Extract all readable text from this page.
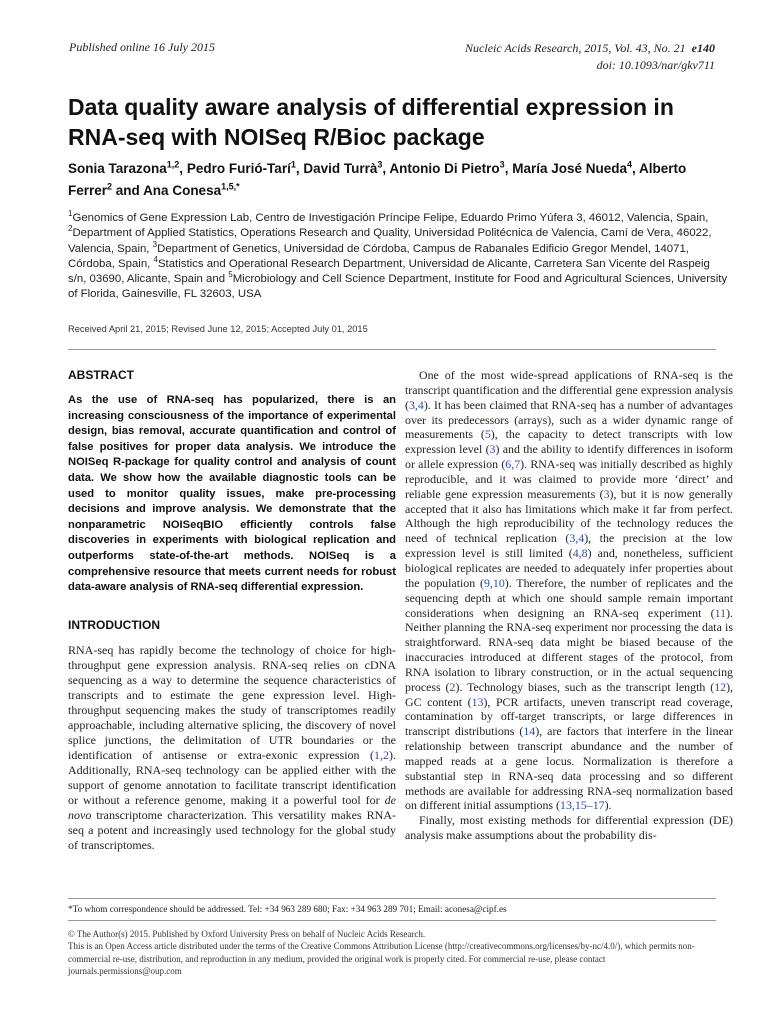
Published online 16 July 2015	Nucleic Acids Research, 2015, Vol. 43, No. 21 e140
doi: 10.1093/nar/gkv711
Data quality aware analysis of differential expression in RNA-seq with NOISeq R/Bioc package
Sonia Tarazona$^{1,2}$, Pedro Furió-Tarí$^1$, David Turrà$^3$, Antonio Di Pietro$^3$, María José Nueda$^4$, Alberto Ferrer$^2$ and Ana Conesa$^{1,5,*}$
$^1$Genomics of Gene Expression Lab, Centro de Investigación Príncipe Felipe, Eduardo Primo Yúfera 3, 46012, Valencia, Spain, $^2$Department of Applied Statistics, Operations Research and Quality, Universidad Politécnica de Valencia, Camí de Vera, 46022, Valencia, Spain, $^3$Department of Genetics, Universidad de Córdoba, Campus de Rabanales Edificio Gregor Mendel, 14071, Córdoba, Spain, $^4$Statistics and Operational Research Department, Universidad de Alicante, Carretera San Vicente del Raspeig s/n, 03690, Alicante, Spain and $^5$Microbiology and Cell Science Department, Institute for Food and Agricultural Sciences, University of Florida, Gainesville, FL 32603, USA
Received April 21, 2015; Revised June 12, 2015; Accepted July 01, 2015
ABSTRACT

As the use of RNA-seq has popularized, there is an increasing consciousness of the importance of experimental design, bias removal, accurate quantification and control of false positives for proper data analysis. We introduce the NOISeq R-package for quality control and analysis of count data. We show how the available diagnostic tools can be used to monitor quality issues, make pre-processing decisions and improve analysis. We demonstrate that the nonparametric NOISeqBIO efficiently controls false discoveries in experiments with biological replication and outperforms state-of-the-art methods. NOISeq is a comprehensive resource that meets current needs for robust data-aware analysis of RNA-seq differential expression.

INTRODUCTION

RNA-seq has rapidly become the technology of choice for high-throughput gene expression analysis. RNA-seq relies on cDNA sequencing as a way to determine the sequence characteristics of transcripts and to estimate the gene expression level. High-throughput sequencing makes the study of transcriptomes readily approachable, including alternative splicing, the discovery of novel splice junctions, the delimitation of UTR boundaries or the identification of antisense or extra-exonic expression (1,2). Additionally, RNA-seq technology can be applied either with the support of genome annotation to facilitate transcript identification or without a reference genome, making it a powerful tool for de novo transcriptome characterization. This versatility makes RNA-seq a potent and increasingly used technology for the global study of transcriptomes.

One of the most wide-spread applications of RNA-seq is the transcript quantification and the differential gene expression analysis (3,4). It has been claimed that RNA-seq has a number of advantages over its predecessors (arrays), such as a wider dynamic range of measurements (5), the capacity to detect transcripts with low expression level (3) and the ability to identify differences in isoform or allele expression (6,7). RNA-seq was initially described as highly reproducible, and it was claimed to provide more ‘direct’ and reliable gene expression measurements (3), but it is now generally accepted that it also has limitations which make it far from perfect. Although the high reproducibility of the technology reduces the need of technical replication (3,4), the precision at the low expression level is still limited (4,8) and, nonetheless, sufficient biological replicates are needed to adequately infer properties about the population (9,10). Therefore, the number of replicates and the sequencing depth at which one should sample remain important considerations when designing an RNA-seq experiment (11). Neither planning the RNA-seq experiment nor processing the data is straightforward. RNA-seq data might be biased because of the inaccuracies introduced at different stages of the protocol, from RNA isolation to library construction, or in the actual sequencing process (2). Technology biases, such as the transcript length (12), GC content (13), PCR artifacts, uneven transcript read coverage, contamination by off-target transcripts, or large differences in transcript distributions (14), are factors that interfere in the linear relationship between transcript abundance and the number of mapped reads at a gene locus. Normalization is therefore a substantial step in RNA-seq data processing and so different methods are available for addressing RNA-seq normalization based on different initial assumptions (13,15–17).

Finally, most existing methods for differential expression (DE) analysis make assumptions about the probability dis-

*To whom correspondence should be addressed. Tel: +34 963 289 680; Fax: +34 963 289 701; Email: aconesa@cipf.es
© The Author(s) 2015. Published by Oxford University Press on behalf of Nucleic Acids Research.
This is an Open Access article distributed under the terms of the Creative Commons Attribution License (http://creativecommons.org/licenses/by-nc/4.0/), which permits non-commercial re-use, distribution, and reproduction in any medium, provided the original work is properly cited. For commercial re-use, please contact journals.permissions@oup.com
